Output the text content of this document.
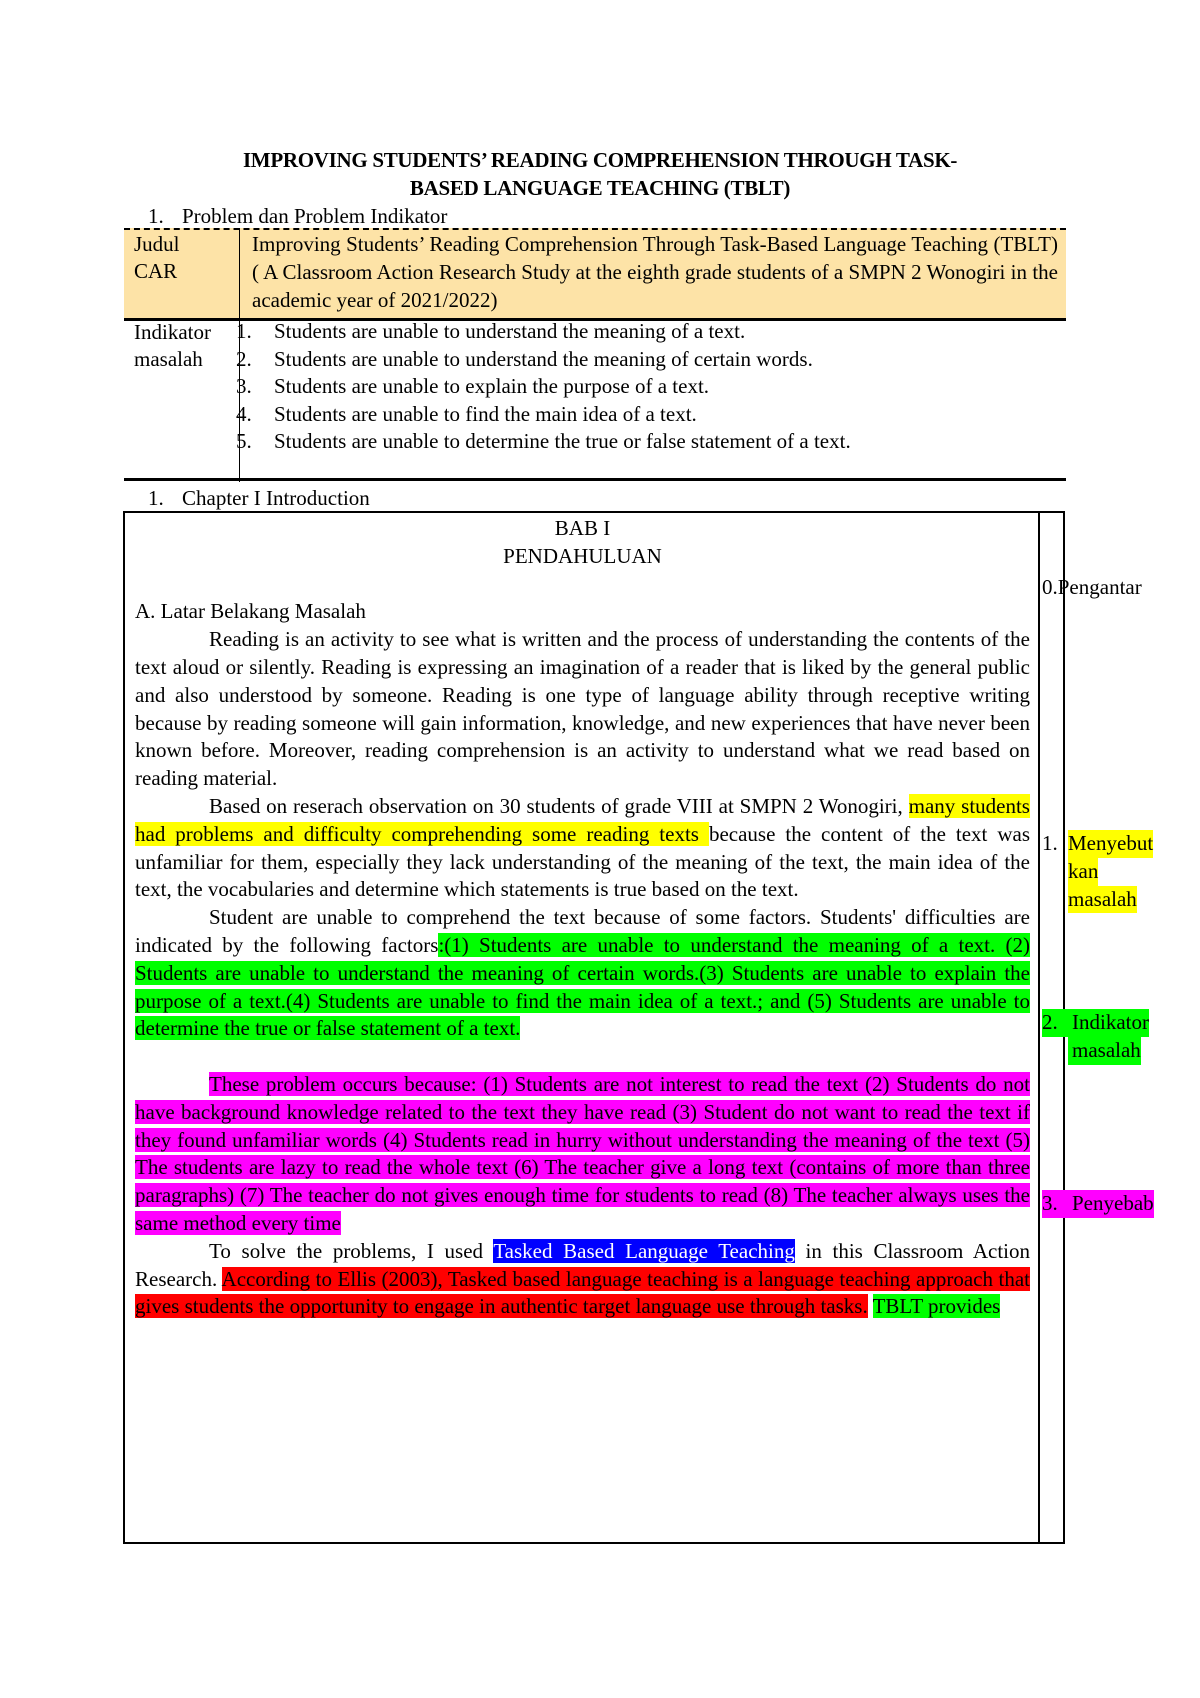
IMPROVING STUDENTS’ READING COMPREHENSION THROUGH TASK-
BASED LANGUAGE TEACHING (TBLT)
1. Problem dan Problem Indikator
Judul
CAR
Improving Students’ Reading Comprehension Through Task-Based Language Teaching (TBLT) ( A Classroom Action Research Study at the eighth grade students of a SMPN 2 Wonogiri in the academic year of 2021/2022)
Indikator
masalah
1. Students are unable to understand the meaning of a text.
2. Students are unable to understand the meaning of certain words.
3. Students are unable to explain the purpose of a text.
4. Students are unable to find the main idea of a text.
5. Students are unable to determine the true or false statement of a text.
1. Chapter I Introduction
BAB I
PENDAHULUAN
A. Latar Belakang Masalah

Reading is an activity to see what is written and the process of understanding the contents of the text aloud or silently. Reading is expressing an imagination of a reader that is liked by the general public and also understood by someone. Reading is one type of language ability through receptive writing because by reading someone will gain information, knowledge, and new experiences that have never been known before. Moreover, reading comprehension is an activity to understand what we read based on reading material.

Based on reserach observation on 30 students of grade VIII at SMPN 2 Wonogiri, many students had problems and difficulty comprehending some reading texts because the content of the text was unfamiliar for them, especially they lack understanding of the meaning of the text, the main idea of the text, the vocabularies and determine which statements is true based on the text.

Student are unable to comprehend the text because of some factors. Students' difficulties are indicated by the following factors:(1) Students are unable to understand the meaning of a text. (2) Students are unable to understand the meaning of certain words.(3) Students are unable to explain the purpose of a text.(4) Students are unable to find the main idea of a text.; and (5) Students are unable to determine the true or false statement of a text.

These problem occurs because: (1) Students are not interest to read the text (2) Students do not have background knowledge related to the text they have read (3) Student do not want to read the text if they found unfamiliar words (4) Students read in hurry without understanding the meaning of the text (5) The students are lazy to read the whole text (6) The teacher give a long text (contains of more than three paragraphs) (7) The teacher do not gives enough time for students to read (8) The teacher always uses the same method every time

To solve the problems, I used Tasked Based Language Teaching in this Classroom Action Research. According to Ellis (2003), Tasked based language teaching is a language teaching approach that gives students the opportunity to engage in authentic target language use through tasks. TBLT provides

0.Pengantar
1. Menyebut
kan
masalah
2. Indikator
masalah
3. Penyebab
